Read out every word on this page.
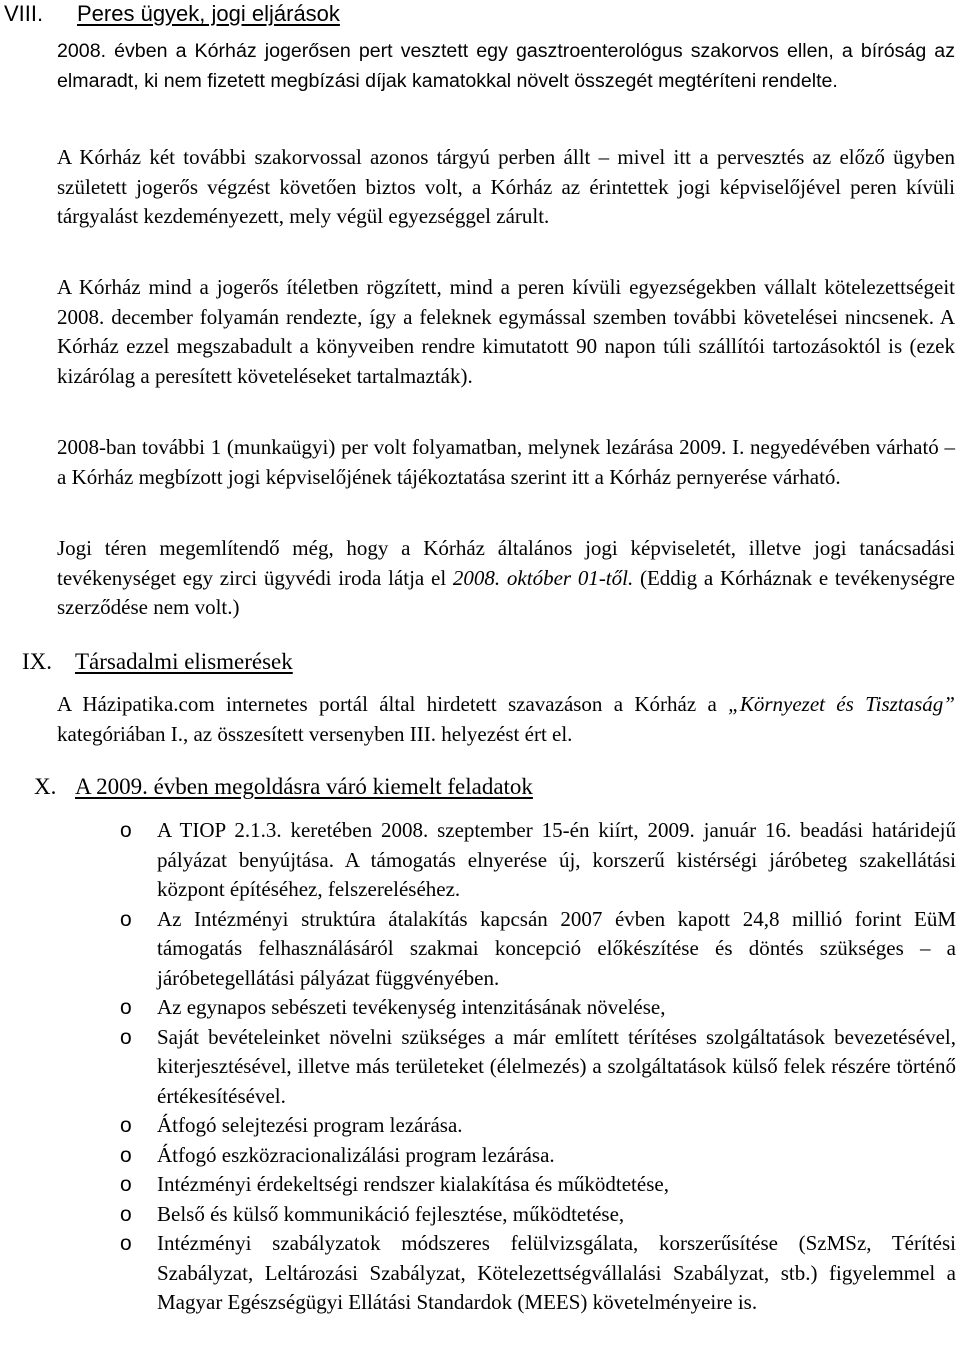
VIII.	Peres ügyek, jogi eljárások

2008. évben a Kórház jogerősen pert vesztett egy gasztroenterológus szakorvos ellen, a bíróság az elmaradt, ki nem fizetett megbízási díjak kamatokkal növelt összegét megtéríteni rendelte.

A Kórház két további szakorvossal azonos tárgyú perben állt – mivel itt a pervesztés az előző ügyben született jogerős végzést követően biztos volt, a Kórház az érintettek jogi képviselőjével peren kívüli tárgyalást kezdeményezett, mely végül egyezséggel zárult.

A Kórház mind a jogerős ítéletben rögzített, mind a peren kívüli egyezségekben vállalt kötelezettségeit 2008. december folyamán rendezte, így a feleknek egymással szemben további követelései nincsenek. A Kórház ezzel megszabadult a könyveiben rendre kimutatott 90 napon túli szállítói tartozásoktól is (ezek kizárólag a peresített követeléseket tartalmazták).

2008-ban további 1 (munkaügyi) per volt folyamatban, melynek lezárása 2009. I. negyedévében várható – a Kórház megbízott jogi képviselőjének tájékoztatása szerint itt a Kórház pernyerése várható.

Jogi téren megemlítendő még, hogy a Kórház általános jogi képviseletét, illetve jogi tanácsadási tevékenységet egy zirci ügyvédi iroda látja el 2008. október 01-től. (Eddig a Kórháznak e tevékenységre szerződése nem volt.)

IX. Társadalmi elismerések

A Házipatika.com internetes portál által hirdetett szavazáson a Kórház a „Környezet és Tisztaság” kategóriában I., az összesített versenyben III. helyezést ért el.

X. A 2009. évben megoldásra váró kiemelt feladatok
o A TIOP 2.1.3. keretében 2008. szeptember 15-én kiírt, 2009. január 16. beadási határidejű pályázat benyújtása. A támogatás elnyerése új, korszerű kistérségi járóbeteg szakellátási központ építéséhez, felszereléséhez.
o Az Intézményi struktúra átalakítás kapcsán 2007 évben kapott 24,8 millió forint EüM támogatás felhasználásáról szakmai koncepció előkészítése és döntés szükséges – a járóbetegellátási pályázat függvényében.
o Az egynapos sebészeti tevékenység intenzitásának növelése,
o Saját bevételeinket növelni szükséges a már említett térítéses szolgáltatások bevezetésével, kiterjesztésével, illetve más területeket (élelmezés) a szolgáltatások külső felek részére történő értékesítésével.
o Átfogó selejtezési program lezárása.
o Átfogó eszközracionalizálási program lezárása.
o Intézményi érdekeltségi rendszer kialakítása és működtetése,
o Belső és külső kommunikáció fejlesztése, működtetése,
o Intézményi szabályzatok módszeres felülvizsgálata, korszerűsítése (SzMSz, Térítési Szabályzat, Leltározási Szabályzat, Kötelezettségvállalási Szabályzat, stb.) figyelemmel a Magyar Egészségügyi Ellátási Standardok (MEES) követelményeire is.
